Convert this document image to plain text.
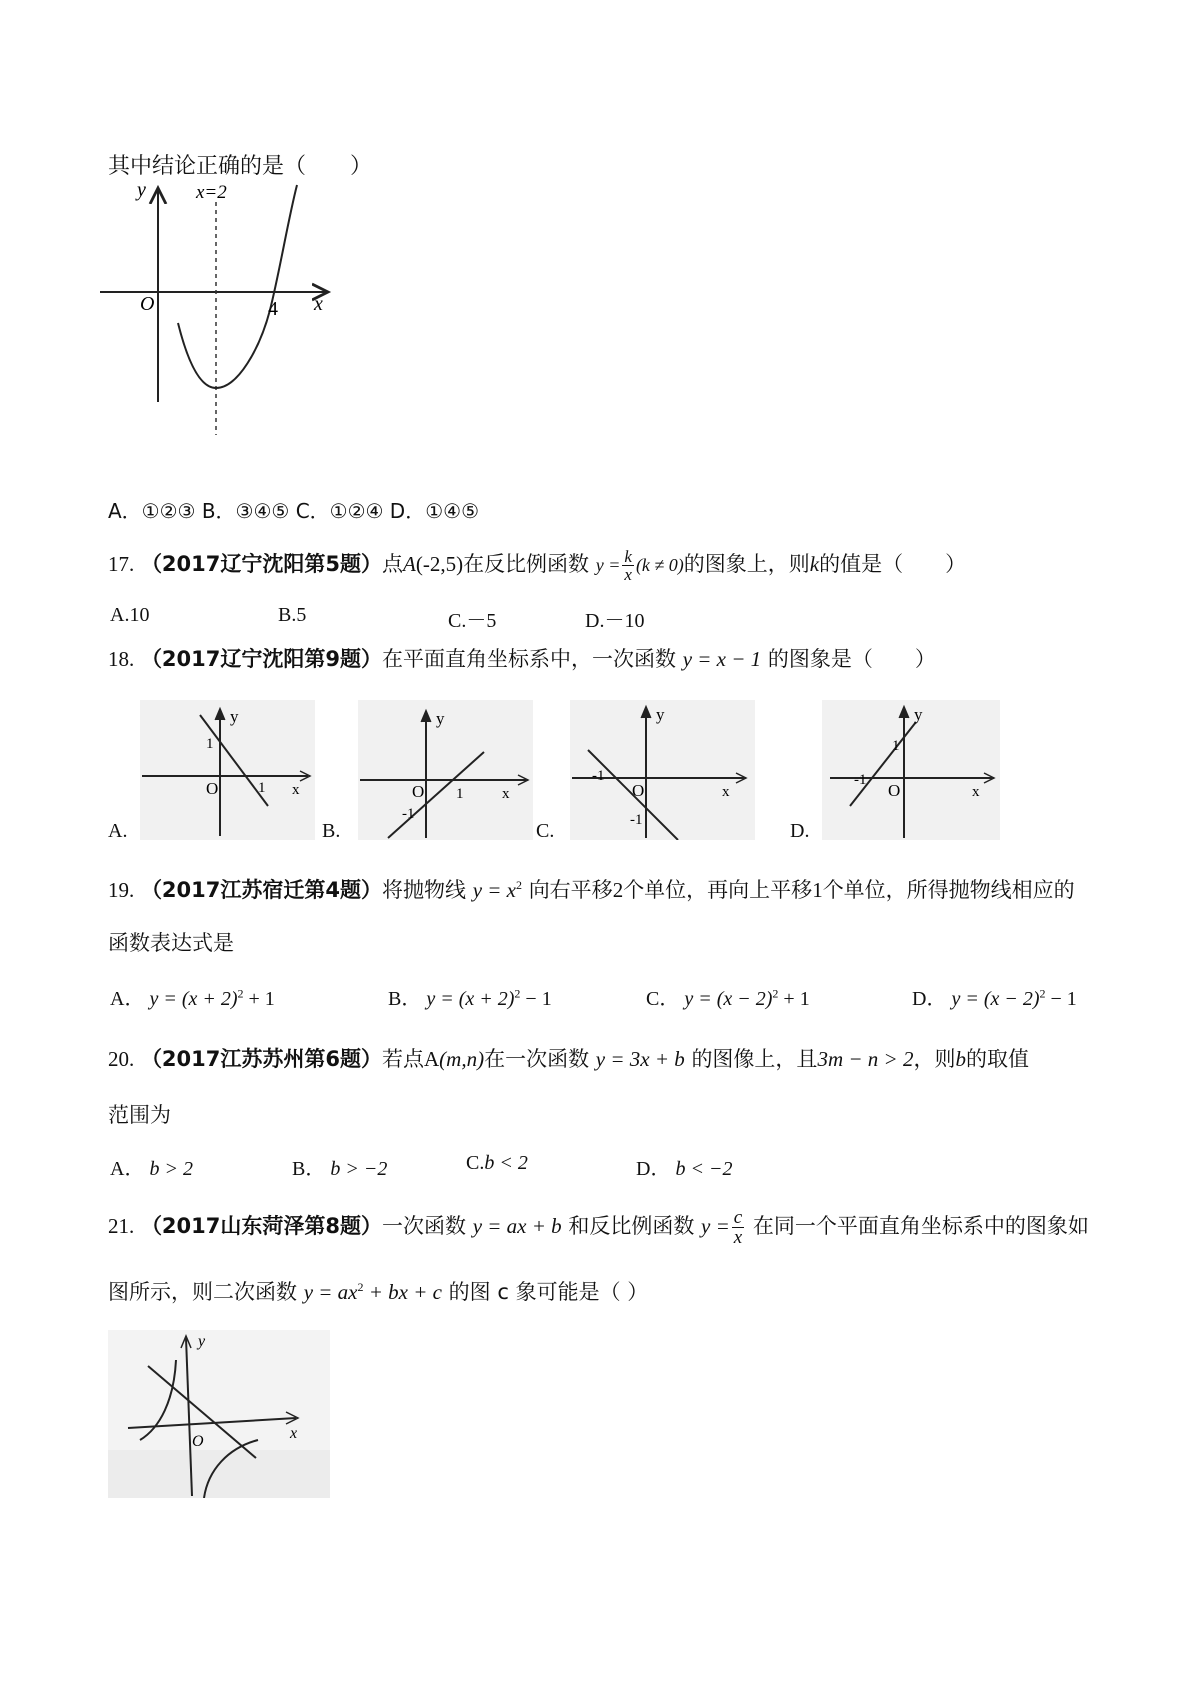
其中结论正确的是（　　）
y	x=2
O	4 x
A．①②③ B．③④⑤ C．①②④ D．①④⑤
17. （2017辽宁沈阳第5题）点A(-2,5)在反比例函数 $y = \frac{k}{x} (k \ne 0)$的图象上，则k的值是（　　）
A.10	B.5	C.－5	D.－10
18. （2017辽宁沈阳第9题）在平面直角坐标系中，一次函数 y = x − 1 的图象是（　　）
y
x
O
1
1
y
x
O 1
-1
y
x
O
-1
-1
y
x
O
-1
1
A.	B.	C.	D.
19. （2017江苏宿迁第4题）将抛物线 $y = x^2$ 向右平移2个单位，再向上平移1个单位，所得抛物线相应的
函数表达式是
A． $y = (x + 2)^2 + 1$	B． $y = (x + 2)^2 - 1$	C． $y = (x - 2)^2 + 1$	D． $y = (x - 2)^2 - 1$
20. （2017江苏苏州第6题）若点A(m,n)在一次函数 y = 3x + b 的图像上，且3m − n > 2，则b的取值
范围为
A． b > 2	B． b > −2	C.b < 2	D． b < −2
21. （2017山东菏泽第8题）一次函数 y = ax + b 和反比例函数 $y = \frac{c}{x}$ 在同一个平面直角坐标系中的图象如
图所示，则二次函数 $y = ax^2$ + bx + c 的图 c 象可能是（ ）
y
x
O
